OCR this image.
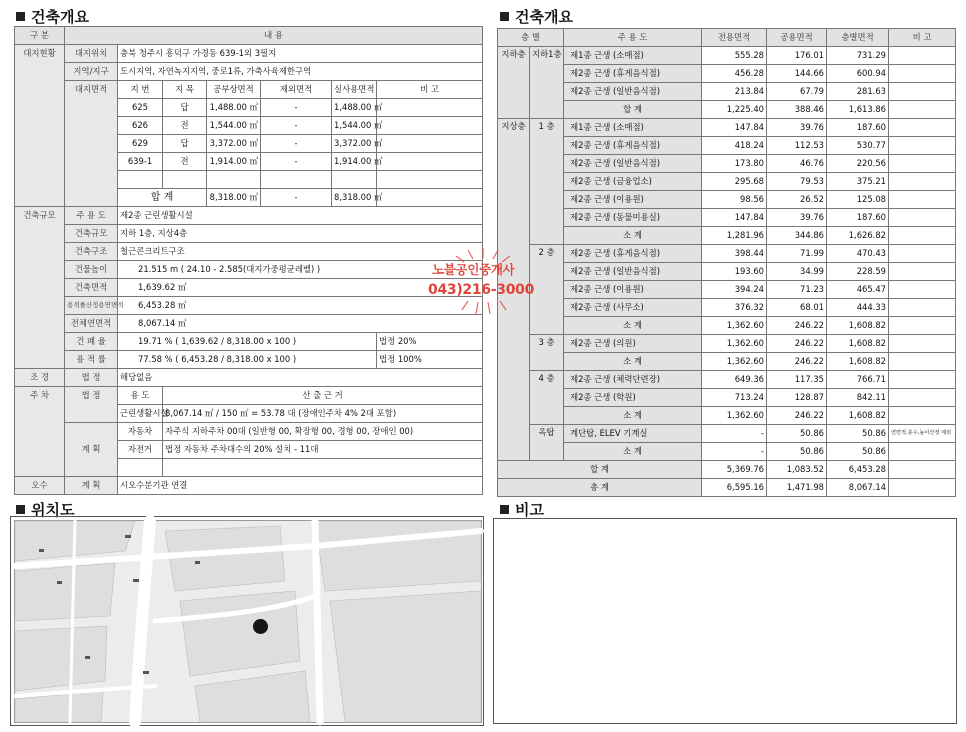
건축개요
구 분	내 용						
대지현황	대지위치	충북 청주시 흥덕구 가경동 639-1외 3필지					
	지역/지구	도시지역, 자연녹지지역, 중로1류, 가축사육제한구역					
	대지면적	지 번	지 목	공부상면적	제외면적	실사용면적	비 고
		625	답	1,488.00 ㎡	-	1,488.00 ㎡	
		626	전	1,544.00 ㎡	-	1,544.00 ㎡	
		629	답	3,372.00 ㎡	-	3,372.00 ㎡	
		639-1	전	1,914.00 ㎡	-	1,914.00 ㎡	

		합 계		8,318.00 ㎡	-	8,318.00 ㎡	
건축규모	주 용 도	제2종 근린생활시설					
	건축규모	지하 1층, 지상4층					
	건축구조	철근콘크리트구조					
	건물높이	21.515 m ( 24.10 - 2.585(대지가중평균레벨) )					
	건축면적	1,639.62 ㎡					
	용적률산정용연면적	6,453.28 ㎡					
	전체연면적	8,067.14 ㎡					
	건 폐 율	19.71 % ( 1,639.62 / 8,318.00 x 100 )					법정 20%
	용 적 률	77.58 % ( 6,453.28 / 8,318.00 x 100 )					법정 100%
조 경	법 정	해당없음					
주 차	법 정	용 도	산 출 근 거				
		근린생활시설	8,067.14 ㎡ / 150 ㎡ = 53.78 대 (장애인주차 4% 2대 포함)				
	계 획	자동차	자주식 지하주차 00대 (일반형 00, 확장형 00, 경형 00, 장애인 00)				
		자전거	법정 자동차 주차대수의 20% 설치 - 11대				

오수	계 획	시오수분기관 연결					
건축개요
층 별		주 용 도	전용면적	공용면적	층별면적	비 고
지하층	지하1층	제1종 근생 (소매점)	555.28	176.01	731.29	
		제2종 근생 (휴게음식점)	456.28	144.66	600.94	
		제2종 근생 (일반음식점)	213.84	67.79	281.63	
		합 계	1,225.40	388.46	1,613.86	
지상층	1 층	제1종 근생 (소매점)	147.84	39.76	187.60	
		제2종 근생 (휴게음식점)	418.24	112.53	530.77	
		제2종 근생 (일반음식점)	173.80	46.76	220.56	
		제2종 근생 (금융업소)	295.68	79.53	375.21	
		제2종 근생 (이용원)	98.56	26.52	125.08	
		제2종 근생 (동물미용실)	147.84	39.76	187.60	
		소 계	1,281.96	344.86	1,626.82	
	2 층	제2종 근생 (휴게음식점)	398.44	71.99	470.43	
		제2종 근생 (일반음식점)	193.60	34.99	228.59	
		제2종 근생 (이용원)	394.24	71.23	465.47	
		제2종 근생 (사무소)	376.32	68.01	444.33	
		소 계	1,362.60	246.22	1,608.82	
	3 층	제2종 근생 (의원)	1,362.60	246.22	1,608.82	
		소 계	1,362.60	246.22	1,608.82	
	4 층	제2종 근생 (체력단련장)	649.36	117.35	766.71	
		제2종 근생 (학원)	713.24	128.87	842.11	
		소 계	1,362.60	246.22	1,608.82	
	옥탑	계단탑, ELEV 기계실	-	50.86	50.86	연면적,층수,높이산정 제외
		소 계	-	50.86	50.86	
합 계			5,369.76	1,083.52	6,453.28	
총 계			6,595.16	1,471.98	8,067.14	
위치도	비고
노블공인중개사
043)216-3000
